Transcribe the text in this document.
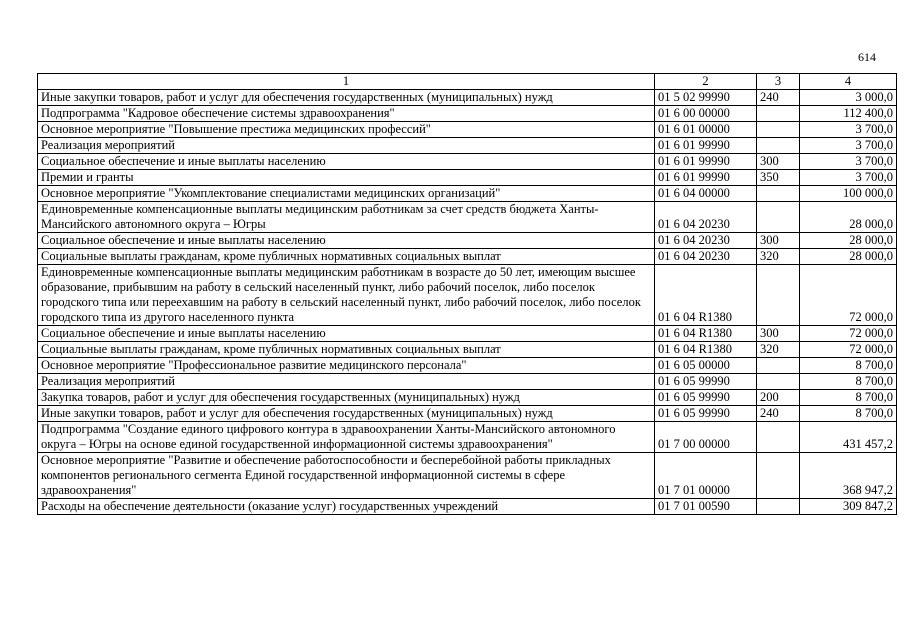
614
1	2	3	4
Иные закупки товаров, работ и услуг для обеспечения государственных (муниципальных) нужд	01 5 02 99990	240	3 000,0
Подпрограмма "Кадровое обеспечение системы здравоохранения"	01 6 00 00000		112 400,0
Основное мероприятие "Повышение престижа медицинских профессий"	01 6 01 00000		3 700,0
Реализация мероприятий	01 6 01 99990		3 700,0
Социальное обеспечение и иные выплаты населению	01 6 01 99990	300	3 700,0
Премии и гранты	01 6 01 99990	350	3 700,0
Основное мероприятие "Укомплектование специалистами медицинских организаций"	01 6 04 00000		100 000,0
Единовременные компенсационные выплаты медицинским работникам за счет средств бюджета Ханты-Мансийского автономного округа – Югры	01 6 04 20230		28 000,0
Социальное обеспечение и иные выплаты населению	01 6 04 20230	300	28 000,0
Социальные выплаты гражданам, кроме публичных нормативных социальных выплат	01 6 04 20230	320	28 000,0
Единовременные компенсационные выплаты медицинским работникам в возрасте до 50 лет, имеющим высшее образование, прибывшим на работу в сельский населенный пункт, либо рабочий поселок, либо поселок городского типа или переехавшим на работу в сельский населенный пункт, либо рабочий поселок, либо поселок городского типа из другого населенного пункта	01 6 04 R1380		72 000,0
Социальное обеспечение и иные выплаты населению	01 6 04 R1380	300	72 000,0
Социальные выплаты гражданам, кроме публичных нормативных социальных выплат	01 6 04 R1380	320	72 000,0
Основное мероприятие "Профессиональное развитие медицинского персонала"	01 6 05 00000		8 700,0
Реализация мероприятий	01 6 05 99990		8 700,0
Закупка товаров, работ и услуг для обеспечения государственных (муниципальных) нужд	01 6 05 99990	200	8 700,0
Иные закупки товаров, работ и услуг для обеспечения государственных (муниципальных) нужд	01 6 05 99990	240	8 700,0
Подпрограмма "Создание единого цифрового контура в здравоохранении Ханты-Мансийского автономного округа – Югры на основе единой государственной информационной системы здравоохранения"	01 7 00 00000		431 457,2
Основное мероприятие "Развитие и обеспечение работоспособности и бесперебойной работы прикладных компонентов регионального сегмента Единой государственной информационной системы в сфере здравоохранения"	01 7 01 00000		368 947,2
Расходы на обеспечение деятельности (оказание услуг) государственных учреждений	01 7 01 00590		309 847,2
